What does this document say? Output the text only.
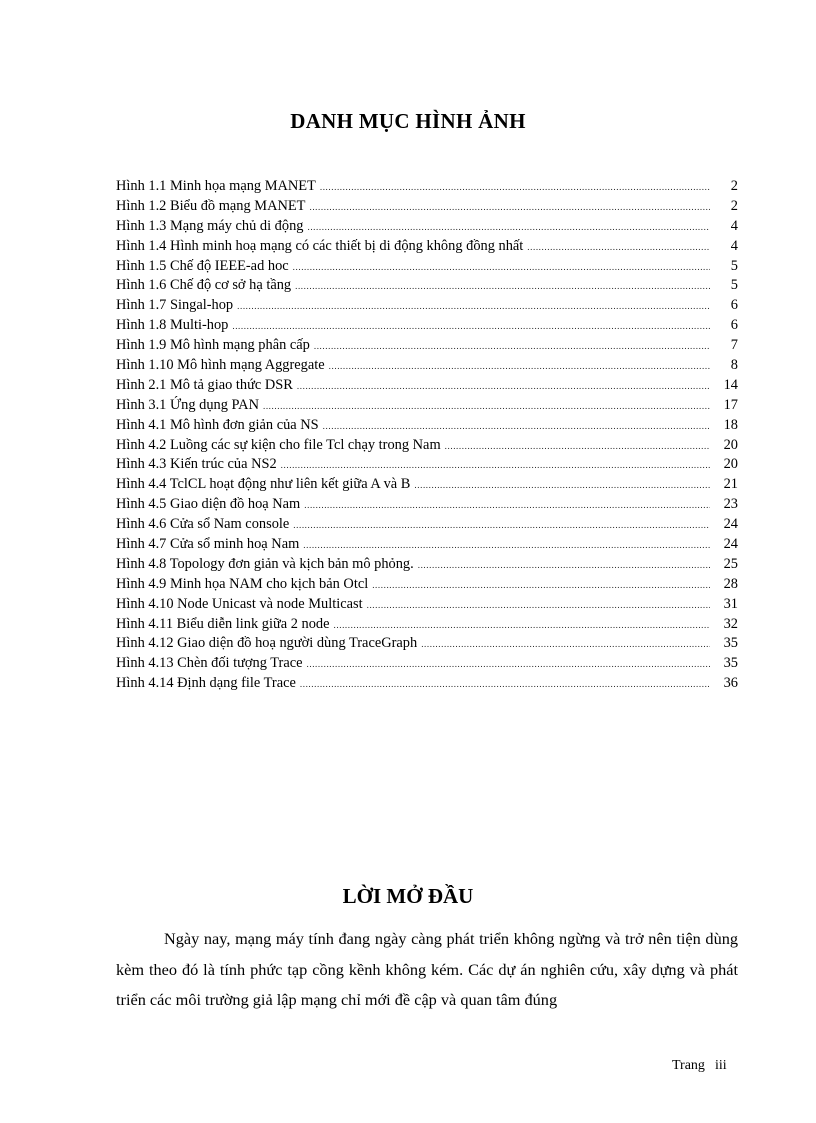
DANH MỤC HÌNH ẢNH
Hình 1.1 Minh họa mạng MANET .....	2
Hình 1.2 Biểu đồ mạng MANET .....	2
Hình 1.3 Mạng máy chủ di động .....	4
Hình 1.4 Hình minh hoạ mạng có các thiết bị di động không đồng nhất .....	4
Hình 1.5 Chế độ IEEE-ad hoc .....	5
Hình 1.6 Chế độ cơ sở hạ tầng .....	5
Hình 1.7 Singal-hop .....	6
Hình 1.8 Multi-hop .....	6
Hình 1.9 Mô hình mạng phân cấp .....	7
Hình 1.10 Mô hình mạng Aggregate .....	8
Hình 2.1 Mô tả giao thức DSR .....	14
Hình 3.1 Ứng dụng PAN .....	17
Hình 4.1 Mô hình đơn giản của NS .....	18
Hình 4.2 Luồng các sự kiện cho file Tcl chạy trong Nam .....	20
Hình 4.3 Kiến trúc của NS2 .....	20
Hình 4.4 TclCL hoạt động như liên kết giữa A và B .....	21
Hình 4.5 Giao diện đồ hoạ Nam .....	23
Hình 4.6 Cửa sổ Nam console .....	24
Hình 4.7 Cửa sổ minh hoạ Nam .....	24
Hình 4.8 Topology đơn giản và kịch bản mô phỏng. .....	25
Hình 4.9 Minh họa NAM cho kịch bản Otcl .....	28
Hình 4.10 Node Unicast và node Multicast .....	31
Hình 4.11 Biểu diễn link giữa 2 node .....	32
Hình 4.12 Giao diện đồ hoạ người dùng TraceGraph .....	35
Hình 4.13 Chèn đối tượng Trace .....	35
Hình 4.14 Định dạng file Trace .....	36
LỜI MỞ ĐẦU

Ngày nay, mạng máy tính đang ngày càng phát triển không ngừng và trở nên tiện dùng kèm theo đó là tính phức tạp cồng kềnh không kém. Các dự án nghiên cứu, xây dựng và phát triển các môi trường giả lập mạng chỉ mới đề cập và quan tâm đúng

Trang iii
